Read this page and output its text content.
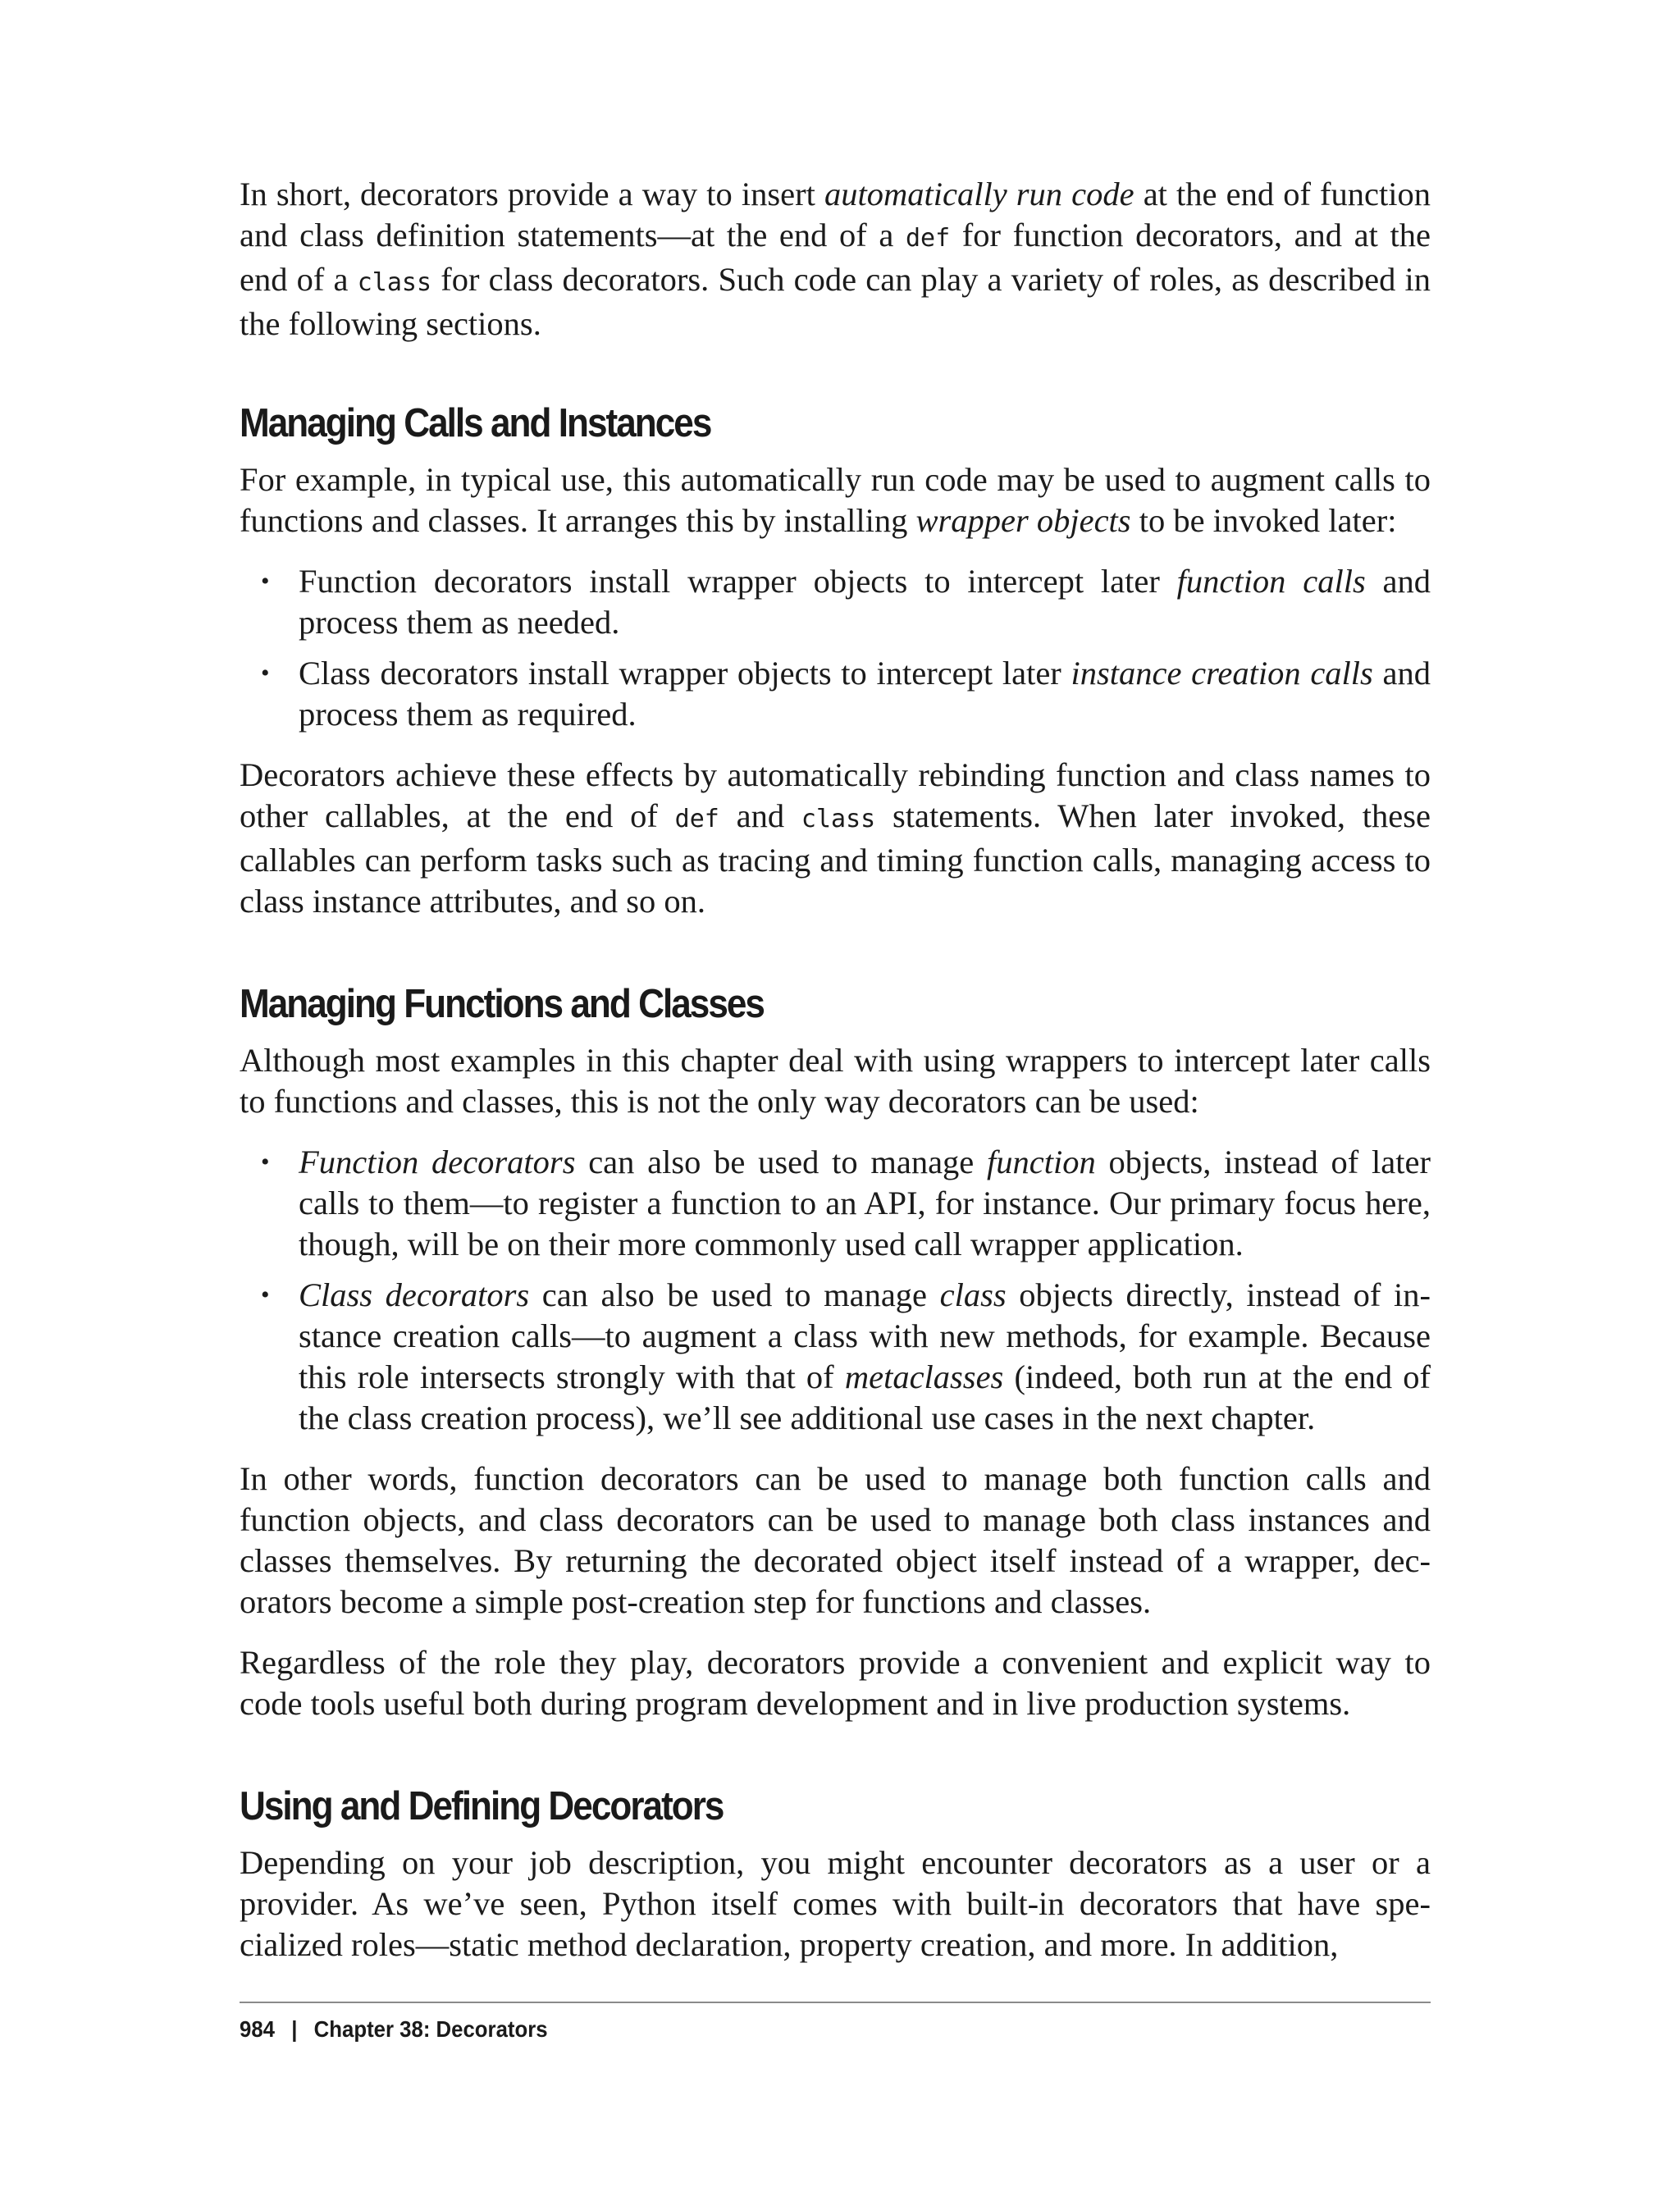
In short, decorators provide a way to insert automatically run code at the end of function and class definition statements—at the end of a def for function decorators, and at the end of a class for class decorators. Such code can play a variety of roles, as described in the following sections.

Managing Calls and Instances

For example, in typical use, this automatically run code may be used to augment calls to functions and classes. It arranges this by installing wrapper objects to be invoked later:

• Function decorators install wrapper objects to intercept later function calls and process them as needed.
• Class decorators install wrapper objects to intercept later instance creation calls and process them as required.

Decorators achieve these effects by automatically rebinding function and class names to other callables, at the end of def and class statements. When later invoked, these callables can perform tasks such as tracing and timing function calls, managing access to class instance attributes, and so on.

Managing Functions and Classes

Although most examples in this chapter deal with using wrappers to intercept later calls to functions and classes, this is not the only way decorators can be used:

• Function decorators can also be used to manage function objects, instead of later calls to them—to register a function to an API, for instance. Our primary focus here, though, will be on their more commonly used call wrapper application.
• Class decorators can also be used to manage class objects directly, instead of instance creation calls—to augment a class with new methods, for example. Because this role intersects strongly with that of metaclasses (indeed, both run at the end of the class creation process), we’ll see additional use cases in the next chapter.

In other words, function decorators can be used to manage both function calls and function objects, and class decorators can be used to manage both class instances and classes themselves. By returning the decorated object itself instead of a wrapper, decorators become a simple post-creation step for functions and classes.

Regardless of the role they play, decorators provide a convenient and explicit way to code tools useful both during program development and in live production systems.

Using and Defining Decorators

Depending on your job description, you might encounter decorators as a user or a provider. As we’ve seen, Python itself comes with built-in decorators that have specialized roles—static method declaration, property creation, and more. In addition,

984 | Chapter 38: Decorators
